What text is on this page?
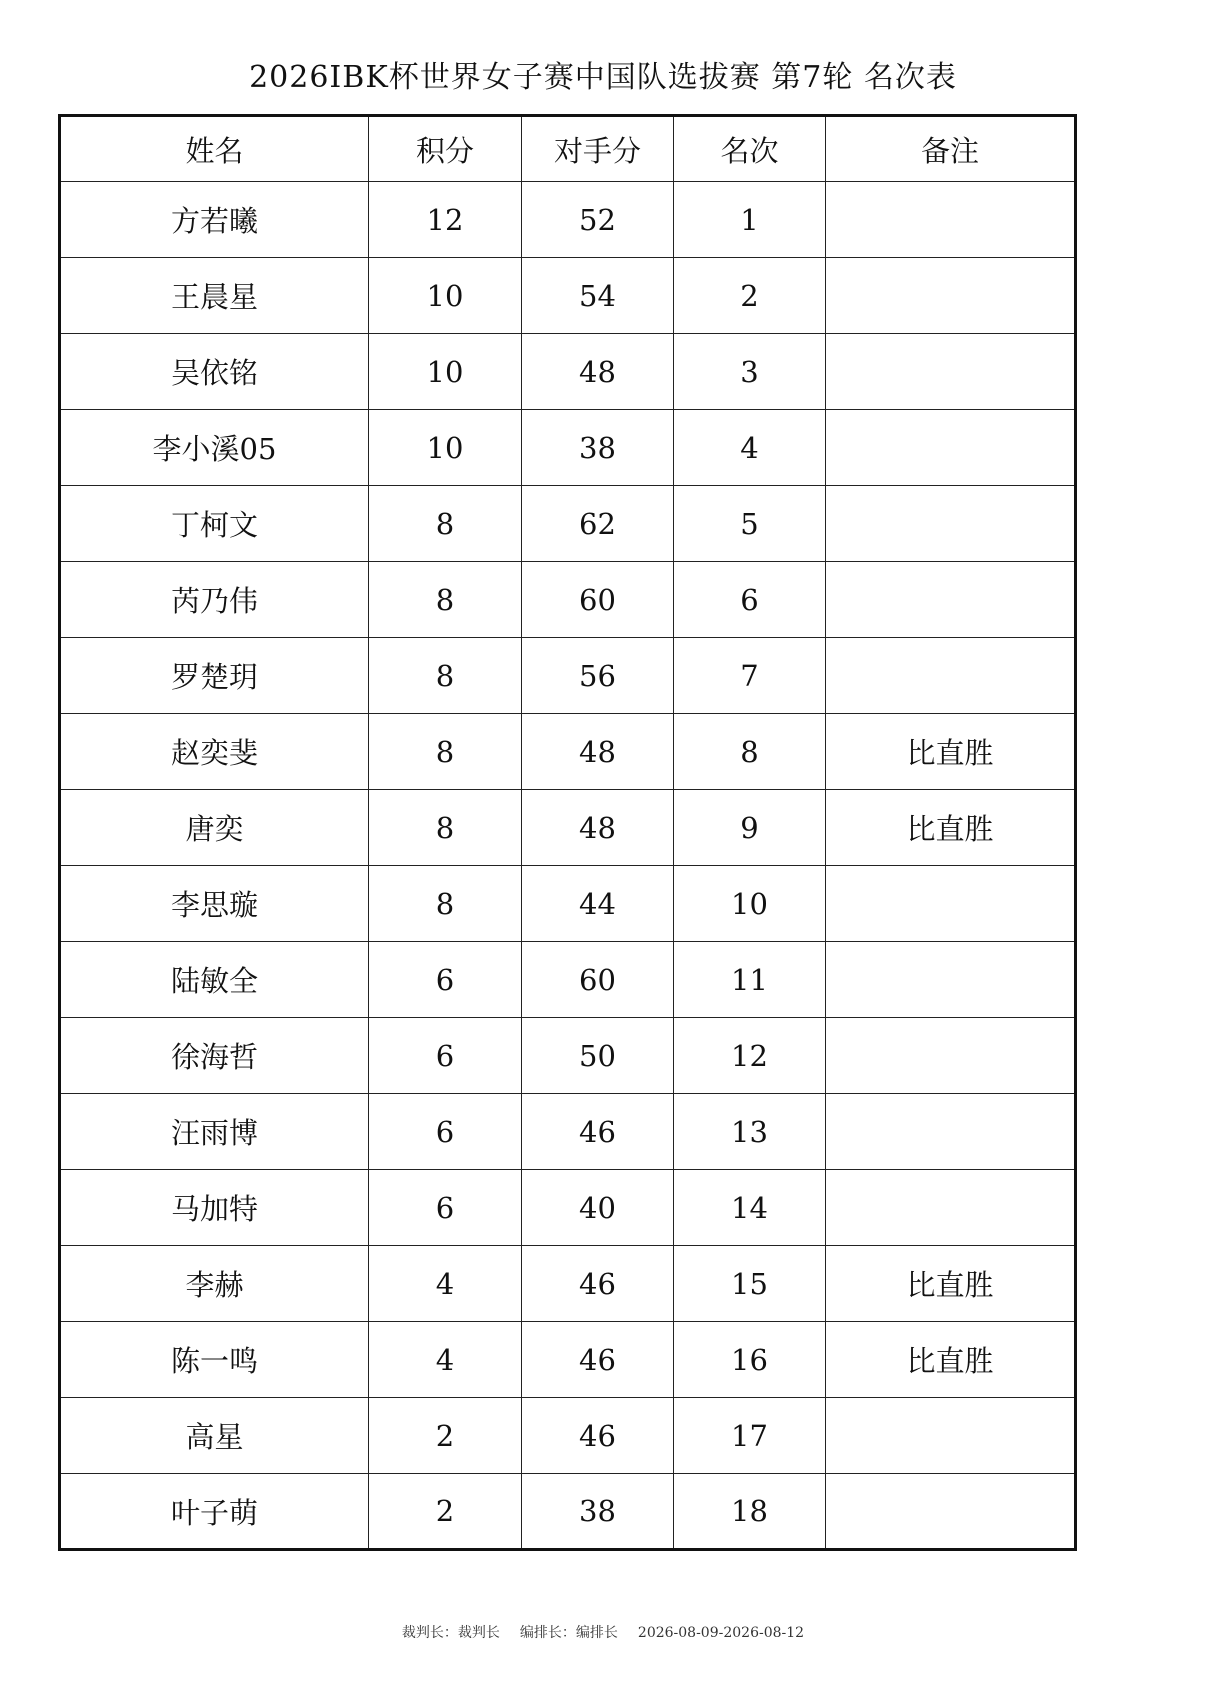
2026IBK杯世界女子赛中国队选拔赛 第7轮 名次表
姓名	积分	对手分	名次	备注
方若曦	12	52	1	
王晨星	10	54	2	
吴依铭	10	48	3	
李小溪05	10	38	4	
丁柯文	8	62	5	
芮乃伟	8	60	6	
罗楚玥	8	56	7	
赵奕斐	8	48	8	比直胜
唐奕	8	48	9	比直胜
李思璇	8	44	10	
陆敏全	6	60	11	
徐海哲	6	50	12	
汪雨博	6	46	13	
马加特	6	40	14	
李赫	4	46	15	比直胜
陈一鸣	4	46	16	比直胜
高星	2	46	17	
叶子萌	2	38	18	
裁判长：裁判长 编排长：编排长 2026-08-09-2026-08-12
